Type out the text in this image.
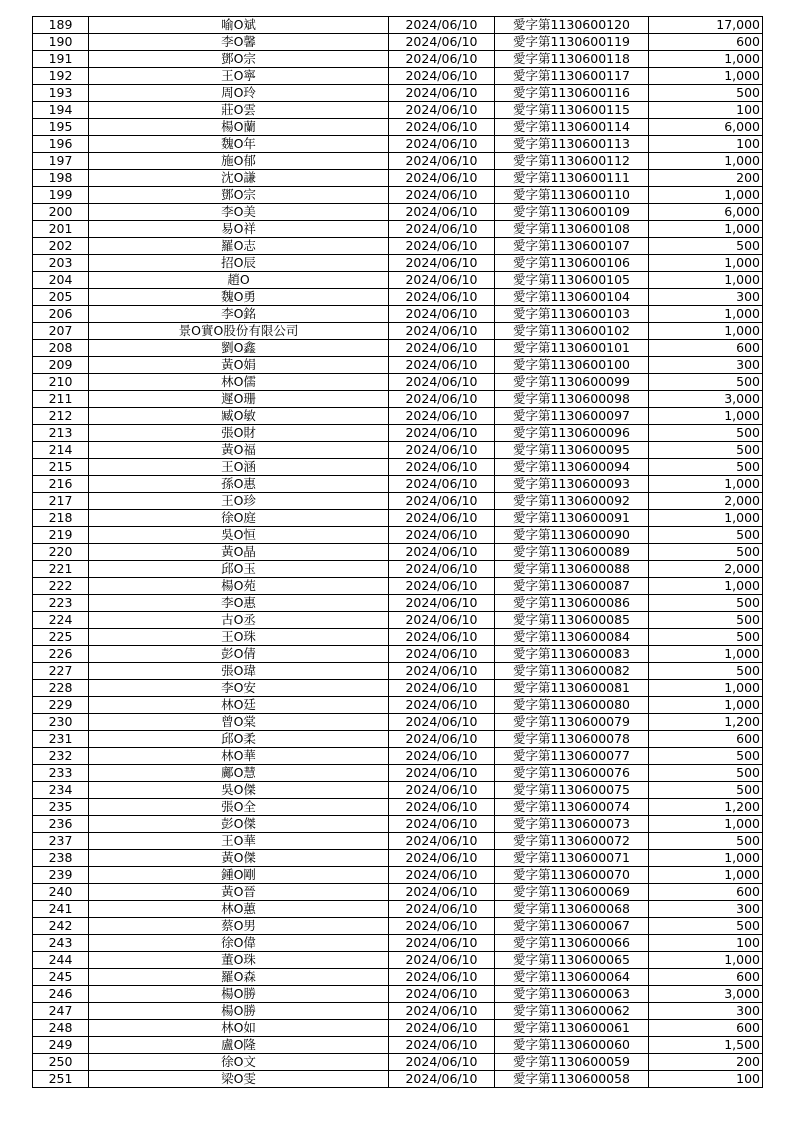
189	喻O斌	2024/06/10	愛字第1130600120	17,000
190	李O馨	2024/06/10	愛字第1130600119	600
191	鄧O宗	2024/06/10	愛字第1130600118	1,000
192	王O寧	2024/06/10	愛字第1130600117	1,000
193	周O玲	2024/06/10	愛字第1130600116	500
194	莊O雲	2024/06/10	愛字第1130600115	100
195	楊O蘭	2024/06/10	愛字第1130600114	6,000
196	魏O年	2024/06/10	愛字第1130600113	100
197	施O郁	2024/06/10	愛字第1130600112	1,000
198	沈O謙	2024/06/10	愛字第1130600111	200
199	鄧O宗	2024/06/10	愛字第1130600110	1,000
200	李O美	2024/06/10	愛字第1130600109	6,000
201	易O祥	2024/06/10	愛字第1130600108	1,000
202	羅O志	2024/06/10	愛字第1130600107	500
203	招O辰	2024/06/10	愛字第1130600106	1,000
204	趙O	2024/06/10	愛字第1130600105	1,000
205	魏O勇	2024/06/10	愛字第1130600104	300
206	李O銘	2024/06/10	愛字第1130600103	1,000
207	景O實O股份有限公司	2024/06/10	愛字第1130600102	1,000
208	劉O鑫	2024/06/10	愛字第1130600101	600
209	黃O娟	2024/06/10	愛字第1130600100	300
210	林O儒	2024/06/10	愛字第1130600099	500
211	遲O珊	2024/06/10	愛字第1130600098	3,000
212	臧O敏	2024/06/10	愛字第1130600097	1,000
213	張O財	2024/06/10	愛字第1130600096	500
214	黃O福	2024/06/10	愛字第1130600095	500
215	王O涵	2024/06/10	愛字第1130600094	500
216	孫O惠	2024/06/10	愛字第1130600093	1,000
217	王O珍	2024/06/10	愛字第1130600092	2,000
218	徐O庭	2024/06/10	愛字第1130600091	1,000
219	吳O恒	2024/06/10	愛字第1130600090	500
220	黃O晶	2024/06/10	愛字第1130600089	500
221	邱O玉	2024/06/10	愛字第1130600088	2,000
222	楊O苑	2024/06/10	愛字第1130600087	1,000
223	李O惠	2024/06/10	愛字第1130600086	500
224	古O丞	2024/06/10	愛字第1130600085	500
225	王O珠	2024/06/10	愛字第1130600084	500
226	彭O倩	2024/06/10	愛字第1130600083	1,000
227	張O瑋	2024/06/10	愛字第1130600082	500
228	李O安	2024/06/10	愛字第1130600081	1,000
229	林O廷	2024/06/10	愛字第1130600080	1,000
230	曾O棠	2024/06/10	愛字第1130600079	1,200
231	邱O柔	2024/06/10	愛字第1130600078	600
232	林O華	2024/06/10	愛字第1130600077	500
233	鄺O慧	2024/06/10	愛字第1130600076	500
234	吳O傑	2024/06/10	愛字第1130600075	500
235	張O全	2024/06/10	愛字第1130600074	1,200
236	彭O傑	2024/06/10	愛字第1130600073	1,000
237	王O華	2024/06/10	愛字第1130600072	500
238	黃O傑	2024/06/10	愛字第1130600071	1,000
239	鍾O剛	2024/06/10	愛字第1130600070	1,000
240	黃O晉	2024/06/10	愛字第1130600069	600
241	林O蕙	2024/06/10	愛字第1130600068	300
242	蔡O男	2024/06/10	愛字第1130600067	500
243	徐O偉	2024/06/10	愛字第1130600066	100
244	董O珠	2024/06/10	愛字第1130600065	1,000
245	羅O森	2024/06/10	愛字第1130600064	600
246	楊O勝	2024/06/10	愛字第1130600063	3,000
247	楊O勝	2024/06/10	愛字第1130600062	300
248	林O如	2024/06/10	愛字第1130600061	600
249	盧O隆	2024/06/10	愛字第1130600060	1,500
250	徐O文	2024/06/10	愛字第1130600059	200
251	梁O雯	2024/06/10	愛字第1130600058	100
